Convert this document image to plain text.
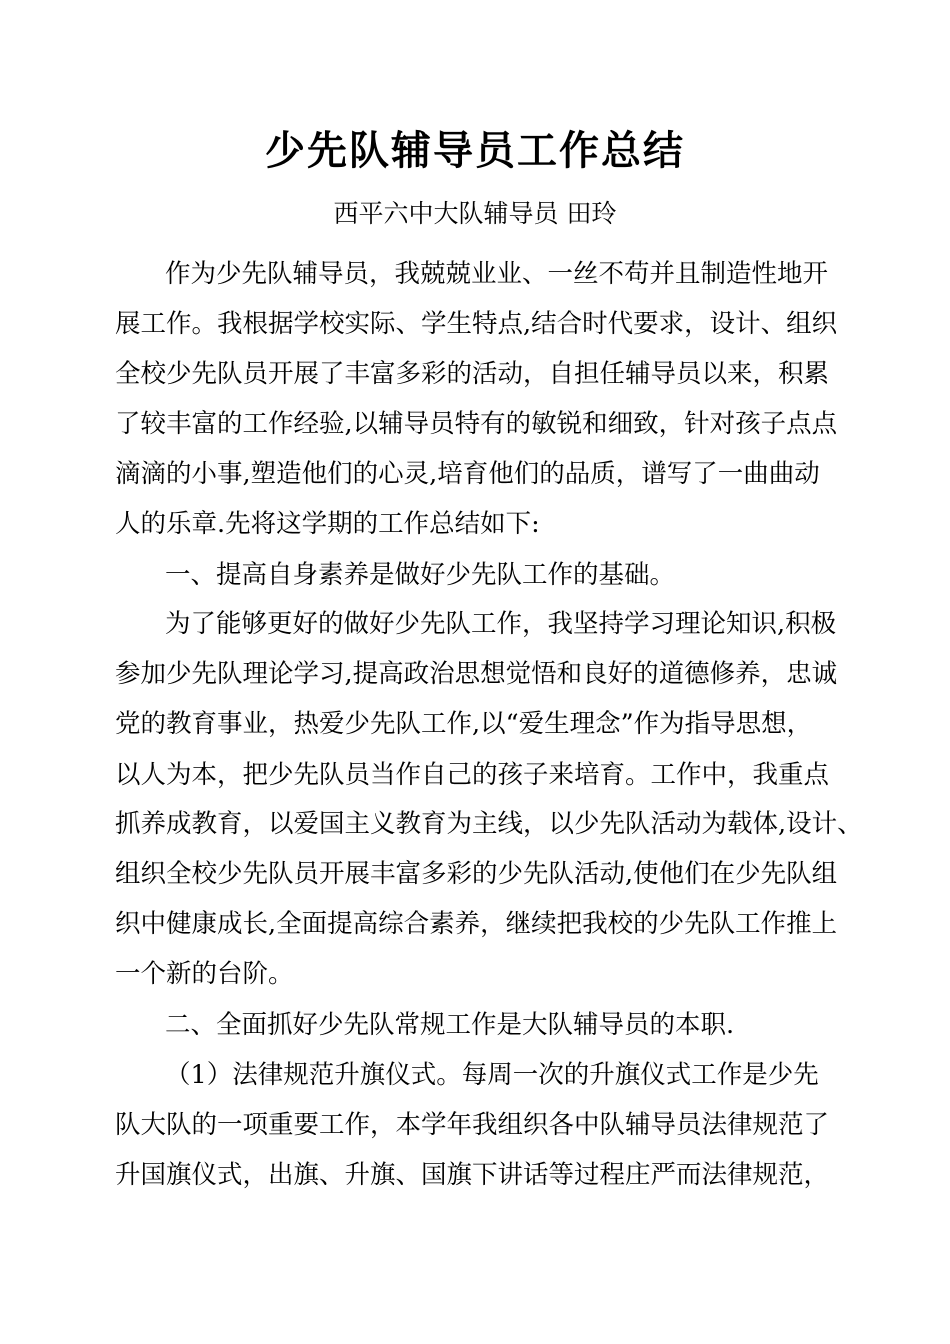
少先队辅导员工作总结
西平六中大队辅导员 田玲
作为少先队辅导员，我兢兢业业、一丝不苟并且制造性地开
展工作。我根据学校实际、学生特点,结合时代要求，设计、组织
全校少先队员开展了丰富多彩的活动，自担任辅导员以来，积累
了较丰富的工作经验,以辅导员特有的敏锐和细致，针对孩子点点
滴滴的小事,塑造他们的心灵,培育他们的品质，谱写了一曲曲动
人的乐章.先将这学期的工作总结如下:
一、提高自身素养是做好少先队工作的基础。
为了能够更好的做好少先队工作，我坚持学习理论知识,积极
参加少先队理论学习,提高政治思想觉悟和良好的道德修养，忠诚
党的教育事业，热爱少先队工作,以“爱生理念”作为指导思想，
以人为本，把少先队员当作自己的孩子来培育。工作中，我重点
抓养成教育，以爱国主义教育为主线，以少先队活动为载体,设计、
组织全校少先队员开展丰富多彩的少先队活动,使他们在少先队组
织中健康成长,全面提高综合素养，继续把我校的少先队工作推上
一个新的台阶。
二、全面抓好少先队常规工作是大队辅导员的本职.
（1）法律规范升旗仪式。每周一次的升旗仪式工作是少先
队大队的一项重要工作，本学年我组织各中队辅导员法律规范了
升国旗仪式，出旗、升旗、国旗下讲话等过程庄严而法律规范，
